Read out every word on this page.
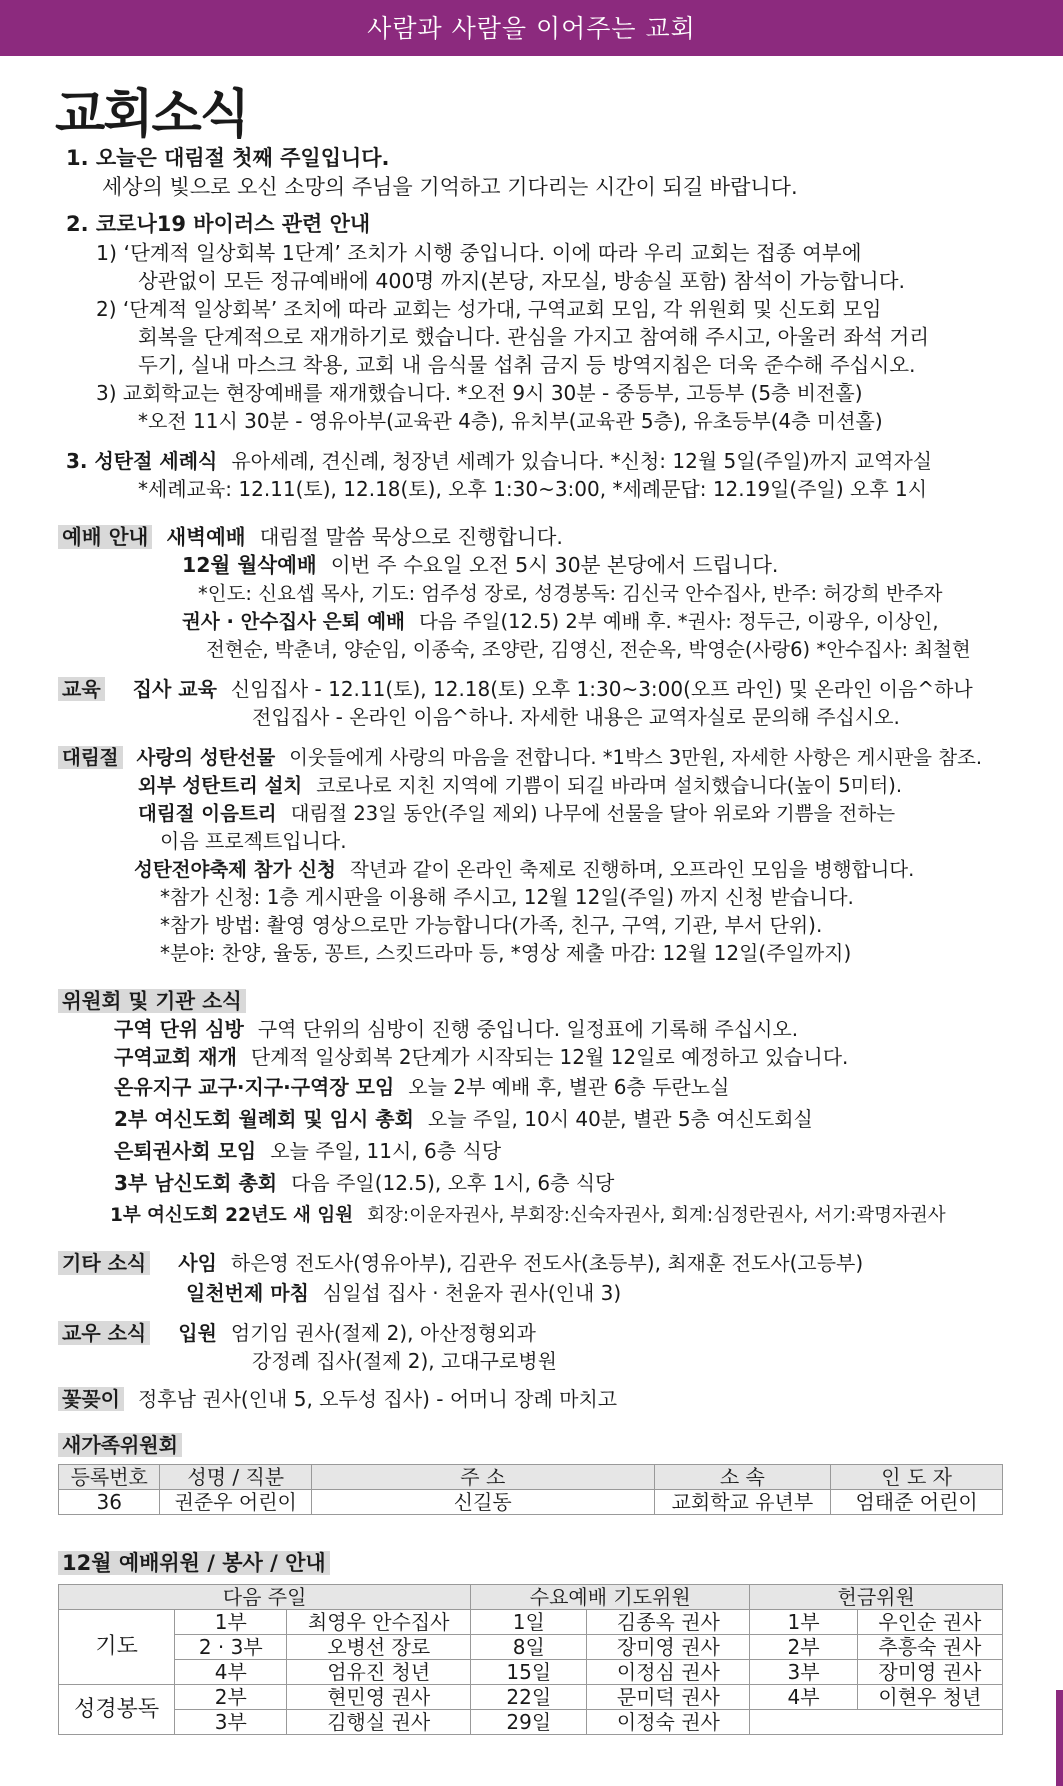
사람과 사람을 이어주는 교회
교회소식
1. 오늘은 대림절 첫째 주일입니다.
세상의 빛으로 오신 소망의 주님을 기억하고 기다리는 시간이 되길 바랍니다.
2. 코로나19 바이러스 관련 안내
1) ‘단계적 일상회복 1단계’ 조치가 시행 중입니다. 이에 따라 우리 교회는 접종 여부에
상관없이 모든 정규예배에 400명 까지(본당, 자모실, 방송실 포함) 참석이 가능합니다.
2) ‘단계적 일상회복’ 조치에 따라 교회는 성가대, 구역교회 모임, 각 위원회 및 신도회 모임
회복을 단계적으로 재개하기로 했습니다. 관심을 가지고 참여해 주시고, 아울러 좌석 거리
두기, 실내 마스크 착용, 교회 내 음식물 섭취 금지 등 방역지침은 더욱 준수해 주십시오.
3) 교회학교는 현장예배를 재개했습니다. *오전 9시 30분 - 중등부, 고등부 (5층 비전홀)
*오전 11시 30분 - 영유아부(교육관 4층), 유치부(교육관 5층), 유초등부(4층 미션홀)
3. 성탄절 세례식 유아세례, 견신례, 청장년 세례가 있습니다. *신청: 12월 5일(주일)까지 교역자실
*세례교육: 12.11(토), 12.18(토), 오후 1:30~3:00, *세례문답: 12.19일(주일) 오후 1시
예배 안내 새벽예배 대림절 말씀 묵상으로 진행합니다.
12월 월삭예배 이번 주 수요일 오전 5시 30분 본당에서 드립니다.
*인도: 신요셉 목사, 기도: 엄주성 장로, 성경봉독: 김신국 안수집사, 반주: 허강희 반주자
권사 · 안수집사 은퇴 예배 다음 주일(12.5) 2부 예배 후. *권사: 정두근, 이광우, 이상인,
전현순, 박춘녀, 양순임, 이종숙, 조양란, 김영신, 전순옥, 박영순(사랑6) *안수집사: 최철현
교육 집사 교육 신임집사 - 12.11(토), 12.18(토) 오후 1:30~3:00(오프 라인) 및 온라인 이음^하나
전입집사 - 온라인 이음^하나. 자세한 내용은 교역자실로 문의해 주십시오.
대림절 사랑의 성탄선물 이웃들에게 사랑의 마음을 전합니다. *1박스 3만원, 자세한 사항은 게시판을 참조.
외부 성탄트리 설치 코로나로 지친 지역에 기쁨이 되길 바라며 설치했습니다(높이 5미터).
대림절 이음트리 대림절 23일 동안(주일 제외) 나무에 선물을 달아 위로와 기쁨을 전하는
이음 프로젝트입니다.
성탄전야축제 참가 신청 작년과 같이 온라인 축제로 진행하며, 오프라인 모임을 병행합니다.
*참가 신청: 1층 게시판을 이용해 주시고, 12월 12일(주일) 까지 신청 받습니다.
*참가 방법: 촬영 영상으로만 가능합니다(가족, 친구, 구역, 기관, 부서 단위).
*분야: 찬양, 율동, 꽁트, 스킷드라마 등, *영상 제출 마감: 12월 12일(주일까지)
위원회 및 기관 소식
구역 단위 심방 구역 단위의 심방이 진행 중입니다. 일정표에 기록해 주십시오.
구역교회 재개 단계적 일상회복 2단계가 시작되는 12월 12일로 예정하고 있습니다.
온유지구 교구·지구·구역장 모임 오늘 2부 예배 후, 별관 6층 두란노실
2부 여신도회 월례회 및 임시 총회 오늘 주일, 10시 40분, 별관 5층 여신도회실
은퇴권사회 모임 오늘 주일, 11시, 6층 식당
3부 남신도회 총회 다음 주일(12.5), 오후 1시, 6층 식당
1부 여신도회 22년도 새 임원 회장:이운자권사, 부회장:신숙자권사, 회계:심정란권사, 서기:곽명자권사
기타 소식 사임 하은영 전도사(영유아부), 김관우 전도사(초등부), 최재훈 전도사(고등부)
일천번제 마침 심일섭 집사 · 천윤자 권사(인내 3)
교우 소식 입원 엄기임 권사(절제 2), 아산정형외과
강정례 집사(절제 2), 고대구로병원
꽃꽂이 정후남 권사(인내 5, 오두성 집사) - 어머니 장례 마치고
새가족위원회
등록번호	성명 / 직분	주 소	소 속	인 도 자
36	권준우 어린이	신길동	교회학교 유년부	엄태준 어린이
12월 예배위원 / 봉사 / 안내
다음 주일			수요예배 기도위원		헌금위원	
기도	1부	최영우 안수집사	1일	김종옥 권사	1부	우인순 권사
	2 · 3부	오병선 장로	8일	장미영 권사	2부	추흥숙 권사
	4부	엄유진 청년	15일	이정심 권사	3부	장미영 권사
성경봉독	2부	현민영 권사	22일	문미덕 권사	4부	이현우 청년
	3부	김행실 권사	29일	이정숙 권사		
